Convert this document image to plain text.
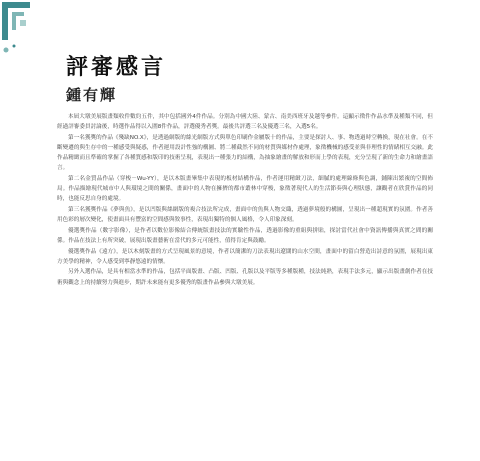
評審感言
鍾有輝

本屆大墩美展版畫類收件數約五件，其中包括國外4件作品。分別為中國大陸、蒙古、南美西班牙及越等參件。這顯示徵件作品水準及種類不同，但經過評審委員討論後，時選作品得以入圍8件作品，評選優秀者獎。最後共評選三名及優選三名，入選5名。

第一名獲獎的作品《殘缺NO.X》，是透過網版的絲光網版方式與單色印刷作金屬版十的作品，主要是探討人、事、物透過時空轉換，現在社會。在不斷變遷的與生存中的一種感受與疑惑，作者運用設計性強的構圖、將二種截然不同的材質與媒材作處理，象徵機械的感受並與非理性的情緒相互交融。此作品精緻而且準確的掌握了各種質感和版印的技術呈現，表現出一種張力的結構，為抽象繪畫的解放和形而上學的表現，充分呈現了新的生命力和繪畫語言。

第二名金質品作品（穿梭－Wu-YY），是以木版畫畢集中表現的板材結構作品，作者運用精緻刀法，細膩的處理線條與色調，鋪陳出繁複的空間佈局。作品描繪現代城市中人與環境之間的關係，畫面中的人物在擁擠的都市叢林中穿梭，象徵著現代人的生活節奏與心理狀態，讓觀者在欣賞作品的同時，也能反思自身的處境。

第三名獲獎作品《夢與魚》，是以凹版與絲網版的複合技法所完成，畫面中的魚與人物交織，透過夢境般的構圖，呈現出一種超現實的氛圍。作者善用色彩的層次變化，使畫面具有豐富的空間感與敘事性，表現出獨特的個人風格，令人印象深刻。

優選獎作品（數字影像），是作者以數位影像結合傳統版畫技法的實驗性作品，透過影像的重組與拼貼，探討當代社會中資訊傳播與真實之間的關係。作品在技法上有所突破，展現出版畫藝術在當代的多元可能性，值得肯定與鼓勵。

優選獎作品《遠方》，是以木刻版畫的方式呈現風景的意境，作者以簡潔的刀法表現出遼闊的山水空間，畫面中的留白營造出詩意的氛圍，展現出東方美學的精神，令人感受到寧靜悠遠的情懷。

另外入選作品，是具有相當水準的作品，包括平面版畫、凸版、凹版、孔版以及平版等多種版種，技法純熟，表現手法多元，顯示出版畫創作者在技術與觀念上的持續努力與進步，期許未來能有更多優秀的版畫作品參與大墩美展。
